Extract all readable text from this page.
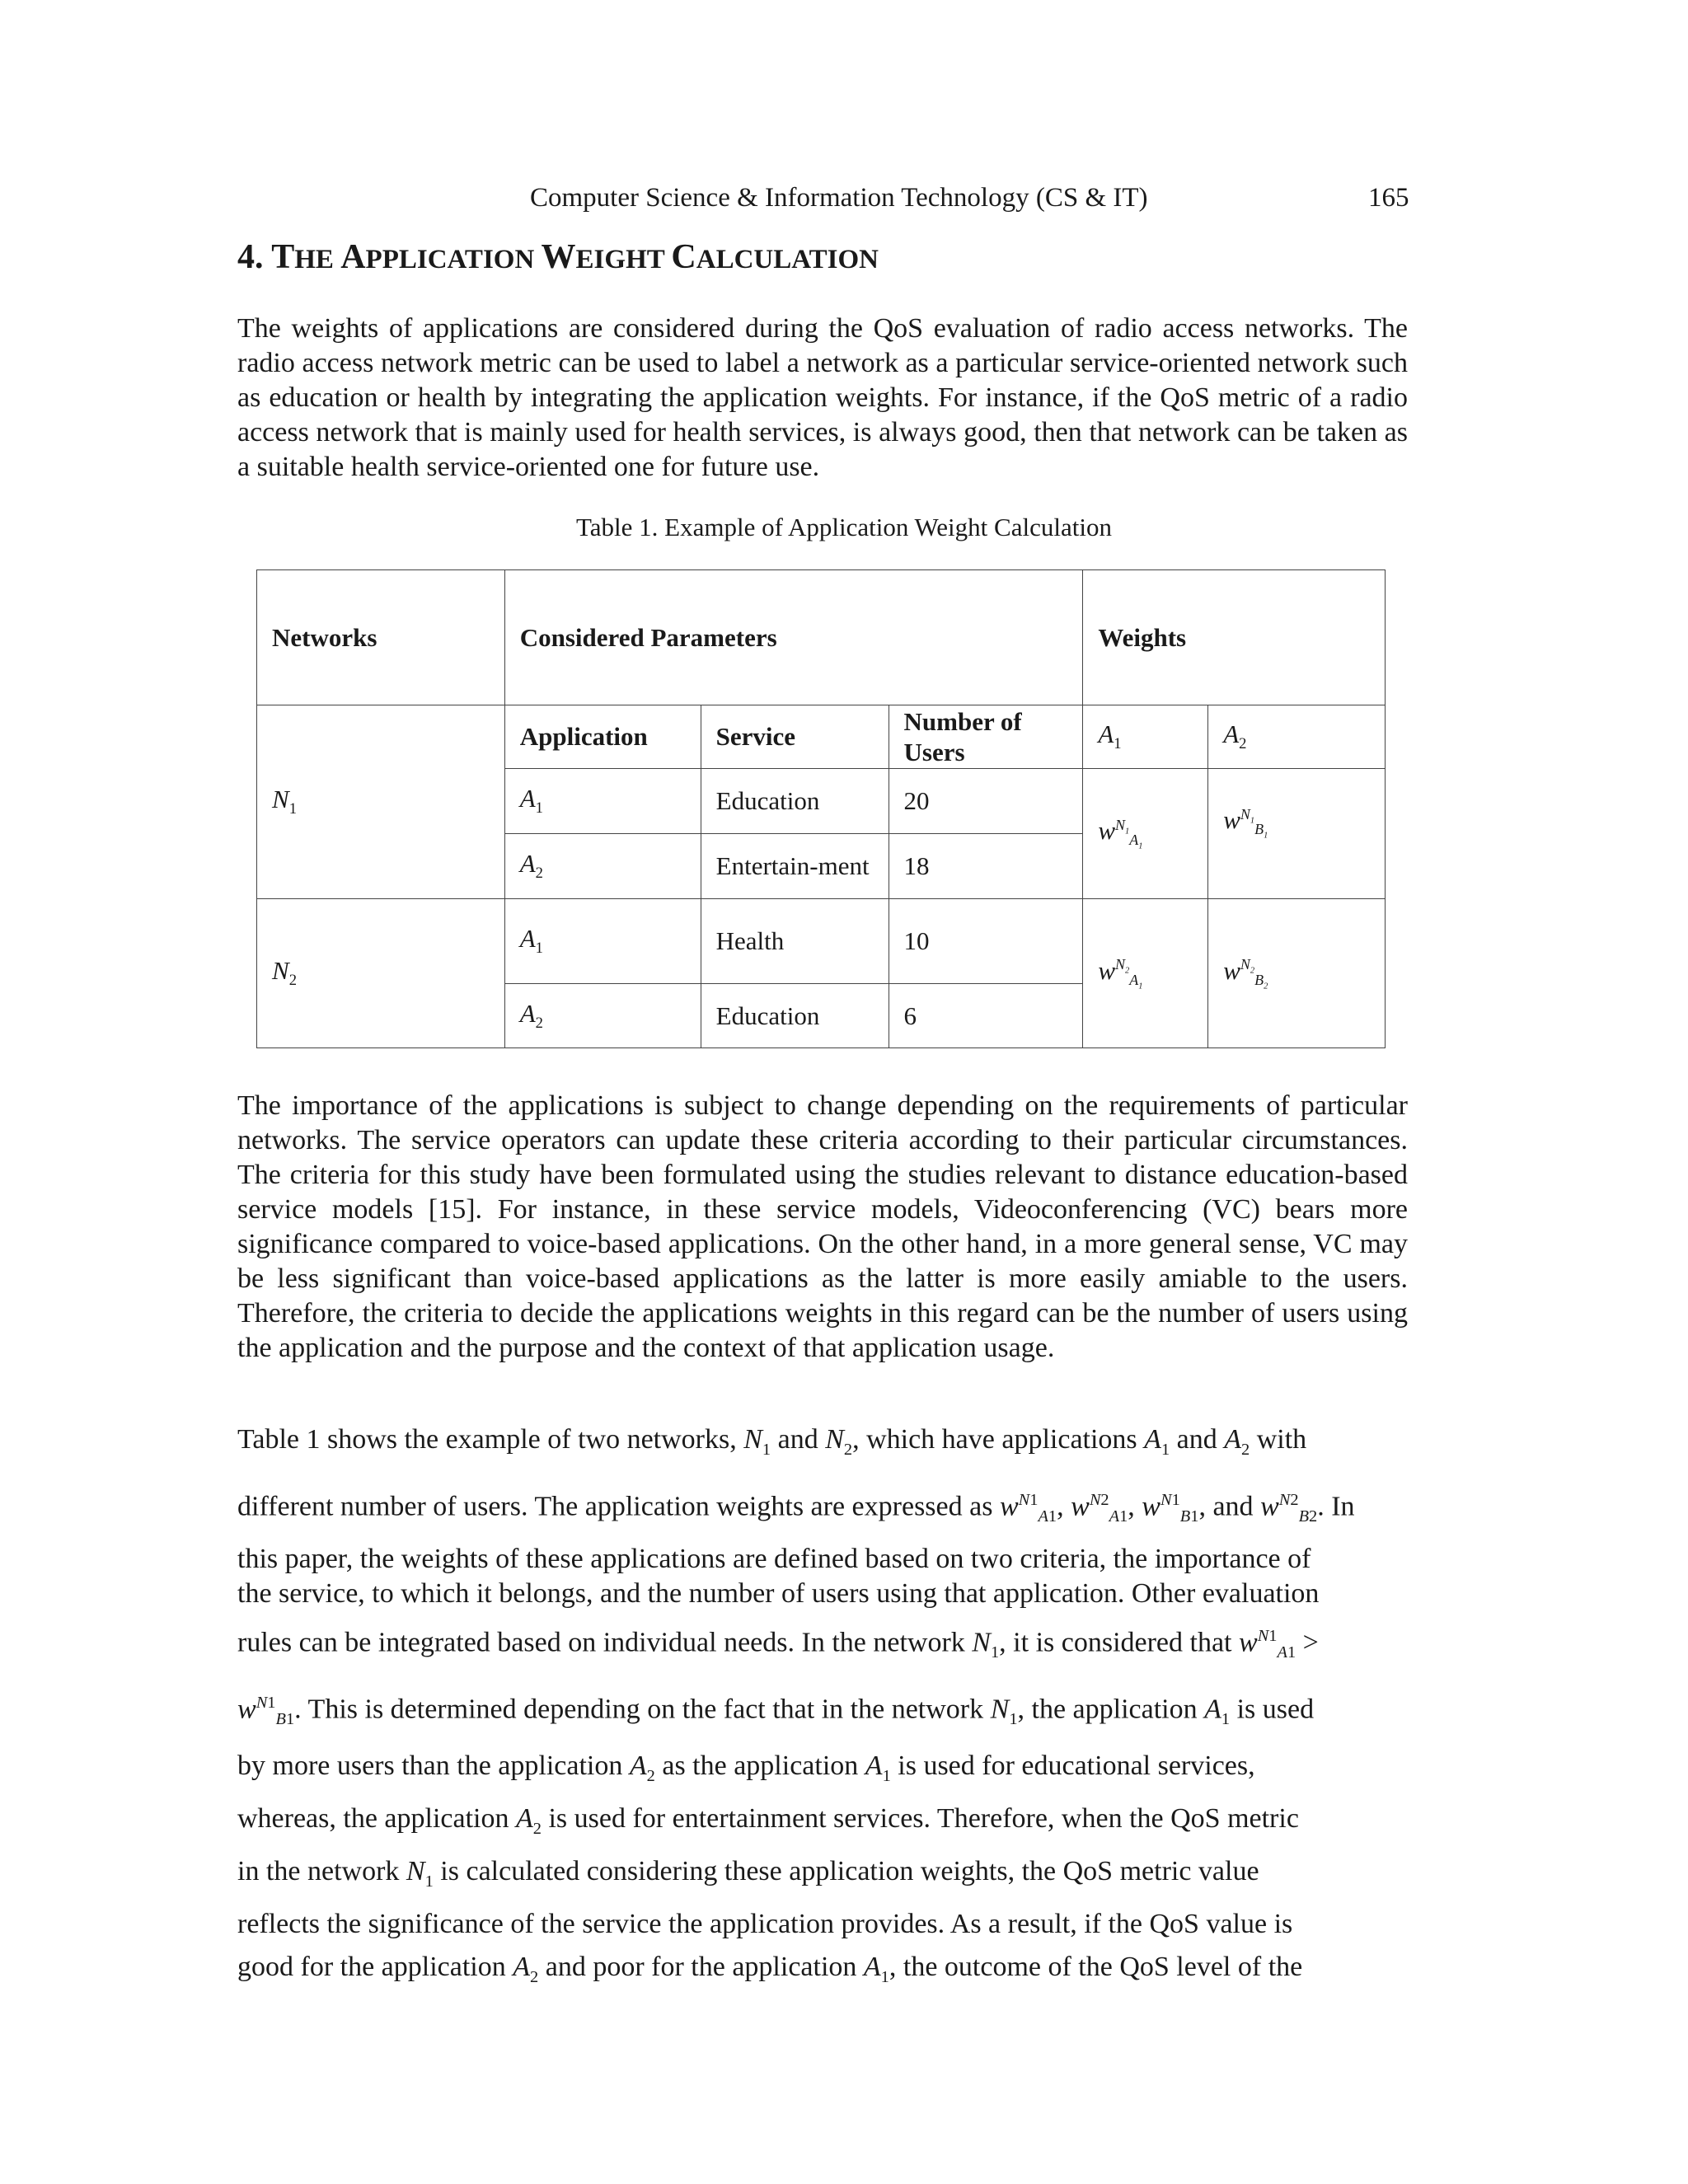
Computer Science & Information Technology (CS & IT)	165
4. THE APPLICATION WEIGHT CALCULATION

The weights of applications are considered during the QoS evaluation of radio access networks. The radio access network metric can be used to label a network as a particular service-oriented network such as education or health by integrating the application weights. For instance, if the QoS metric of a radio access network that is mainly used for health services, is always good, then that network can be taken as a suitable health service-oriented one for future use.

Table 1. Example of Application Weight Calculation
Networks	Considered Parameters			Weights	
$N_1$	Application	Service	Number of Users	$A_1$	$A_2$
	$A_1$	Education	20	$w^{N_1}_{A_1}$	$w^{N_1}_{B_1}$
	$A_2$	Entertain-ment	18		
$N_2$	$A_1$	Health	10	$w^{N_2}_{A_1}$	$w^{N_2}_{B_2}$
	$A_2$	Education	6		

The importance of the applications is subject to change depending on the requirements of particular networks. The service operators can update these criteria according to their particular circumstances. The criteria for this study have been formulated using the studies relevant to distance education-based service models [15]. For instance, in these service models, Videoconferencing (VC) bears more significance compared to voice-based applications. On the other hand, in a more general sense, VC may be less significant than voice-based applications as the latter is more easily amiable to the users. Therefore, the criteria to decide the applications weights in this regard can be the number of users using the application and the purpose and the context of that application usage.

Table 1 shows the example of two networks, $N_1$ and $N_2$, which have applications $A_1$ and $A_2$ with
different number of users. The application weights are expressed as $w^{N1}_{A1}$, $w^{N2}_{A1}$, $w^{N1}_{B1}$, and $w^{N2}_{B2}$. In
this paper, the weights of these applications are defined based on two criteria, the importance of
the service, to which it belongs, and the number of users using that application. Other evaluation
rules can be integrated based on individual needs. In the network $N_1$, it is considered that $w^{N1}_{A1}$ >
$w^{N1}_{B1}$. This is determined depending on the fact that in the network $N_1$, the application $A_1$ is used
by more users than the application $A_2$ as the application $A_1$ is used for educational services,
whereas, the application $A_2$ is used for entertainment services. Therefore, when the QoS metric
in the network $N_1$ is calculated considering these application weights, the QoS metric value
reflects the significance of the service the application provides. As a result, if the QoS value is
good for the application $A_2$ and poor for the application $A_1$, the outcome of the QoS level of the
